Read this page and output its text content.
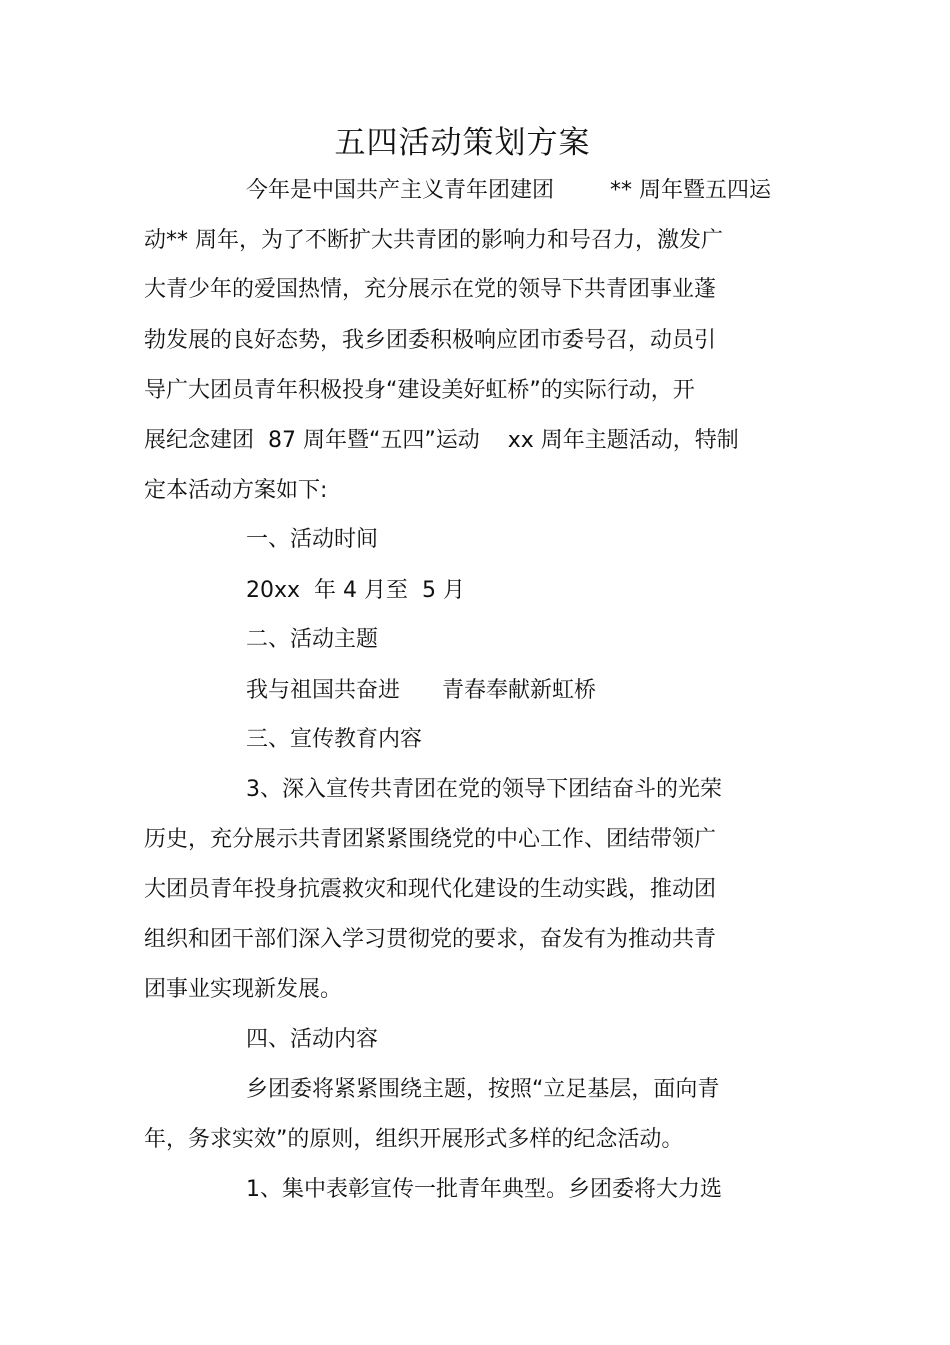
五四活动策划方案
今年是中国共产主义青年团建团        ** 周年暨五四运
动** 周年，为了不断扩大共青团的影响力和号召力，激发广
大青少年的爱国热情，充分展示在党的领导下共青团事业蓬
勃发展的良好态势，我乡团委积极响应团市委号召，动员引
导广大团员青年积极投身“建设美好虹桥”的实际行动，开
展纪念建团  87 周年暨“五四”运动    xx 周年主题活动，特制
定本活动方案如下:
一、活动时间
20xx  年 4 月至  5 月
二、活动主题
我与祖国共奋进      青春奉献新虹桥
三、宣传教育内容
3、深入宣传共青团在党的领导下团结奋斗的光荣
历史，充分展示共青团紧紧围绕党的中心工作、团结带领广
大团员青年投身抗震救灾和现代化建设的生动实践，推动团
组织和团干部们深入学习贯彻党的要求，奋发有为推动共青
团事业实现新发展。
四、活动内容
乡团委将紧紧围绕主题，按照“立足基层，面向青
年，务求实效”的原则，组织开展形式多样的纪念活动。
1、集中表彰宣传一批青年典型。乡团委将大力选
